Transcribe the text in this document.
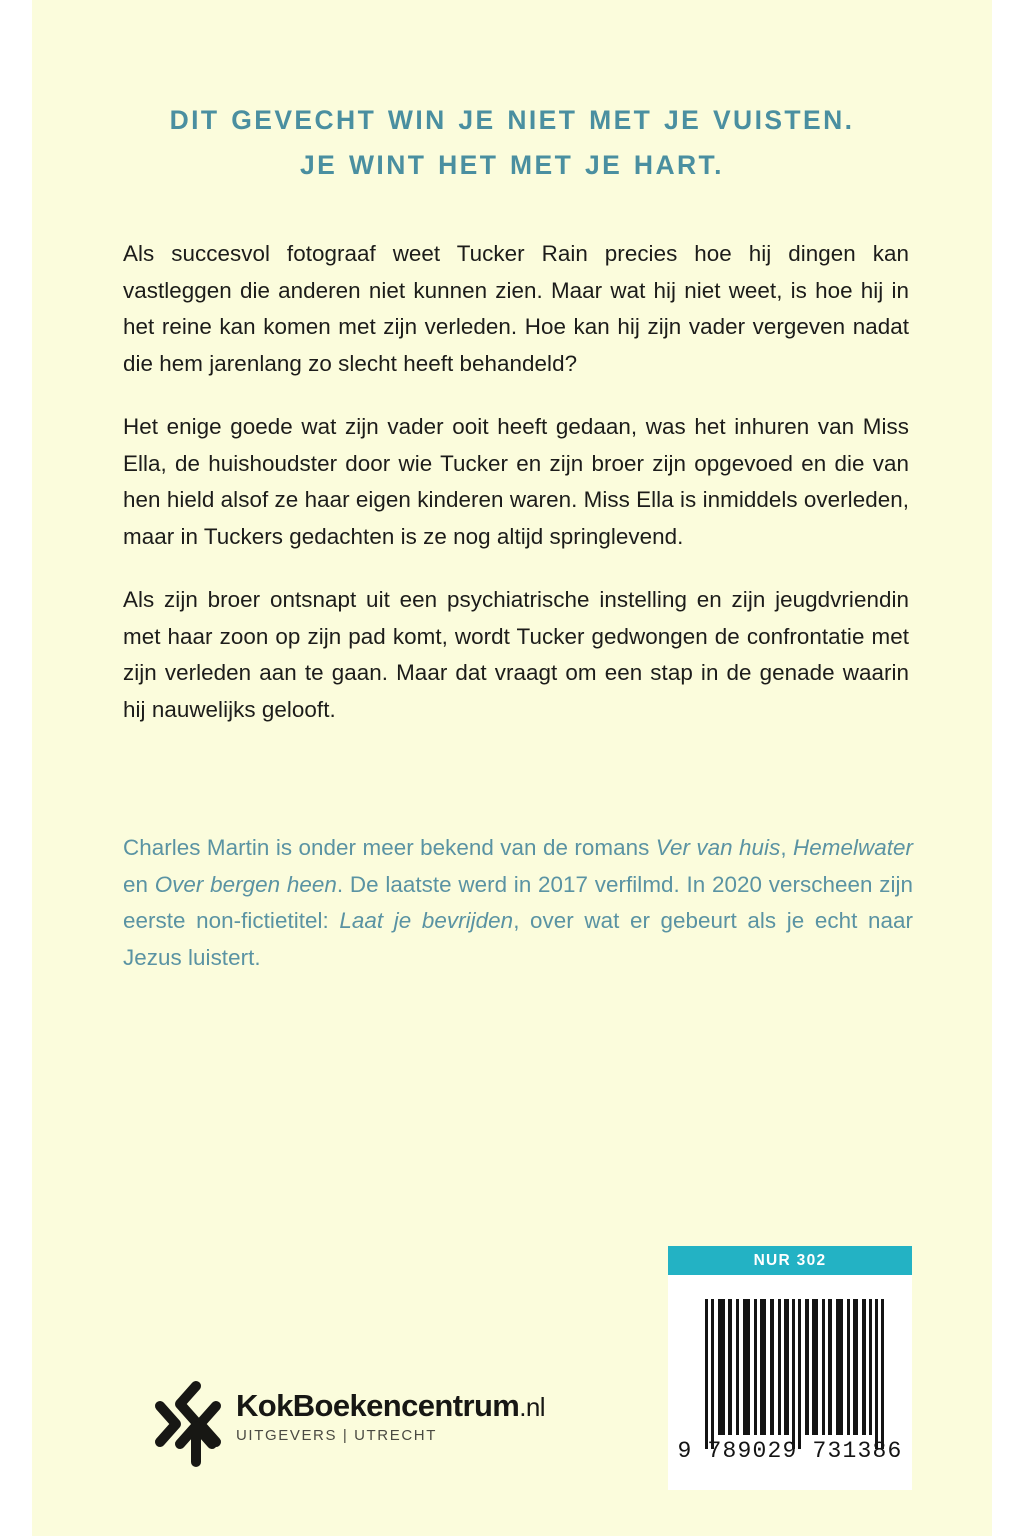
DIT GEVECHT WIN JE NIET MET JE VUISTEN.
JE WINT HET MET JE HART.

Als succesvol fotograaf weet Tucker Rain precies hoe hij dingen kan vastleggen die anderen niet kunnen zien. Maar wat hij niet weet, is hoe hij in het reine kan komen met zijn verleden. Hoe kan hij zijn vader vergeven nadat die hem jarenlang zo slecht heeft behandeld?

Het enige goede wat zijn vader ooit heeft gedaan, was het inhuren van Miss Ella, de huishoudster door wie Tucker en zijn broer zijn opgevoed en die van hen hield alsof ze haar eigen kinderen waren. Miss Ella is inmiddels overleden, maar in Tuckers gedachten is ze nog altijd springlevend.

Als zijn broer ontsnapt uit een psychiatrische instelling en zijn jeugdvriendin met haar zoon op zijn pad komt, wordt Tucker gedwongen de confrontatie met zijn verleden aan te gaan. Maar dat vraagt om een stap in de genade waarin hij nauwelijks gelooft.

Charles Martin is onder meer bekend van de romans Ver van huis, Hemelwater en Over bergen heen. De laatste werd in 2017 verfilmd. In 2020 verscheen zijn eerste non-fictietitel: Laat je bevrijden, over wat er gebeurt als je echt naar Jezus luistert.
KokBoekencentrum.nl UITGEVERS | UTRECHT
NUR 302
9 789029 731386
